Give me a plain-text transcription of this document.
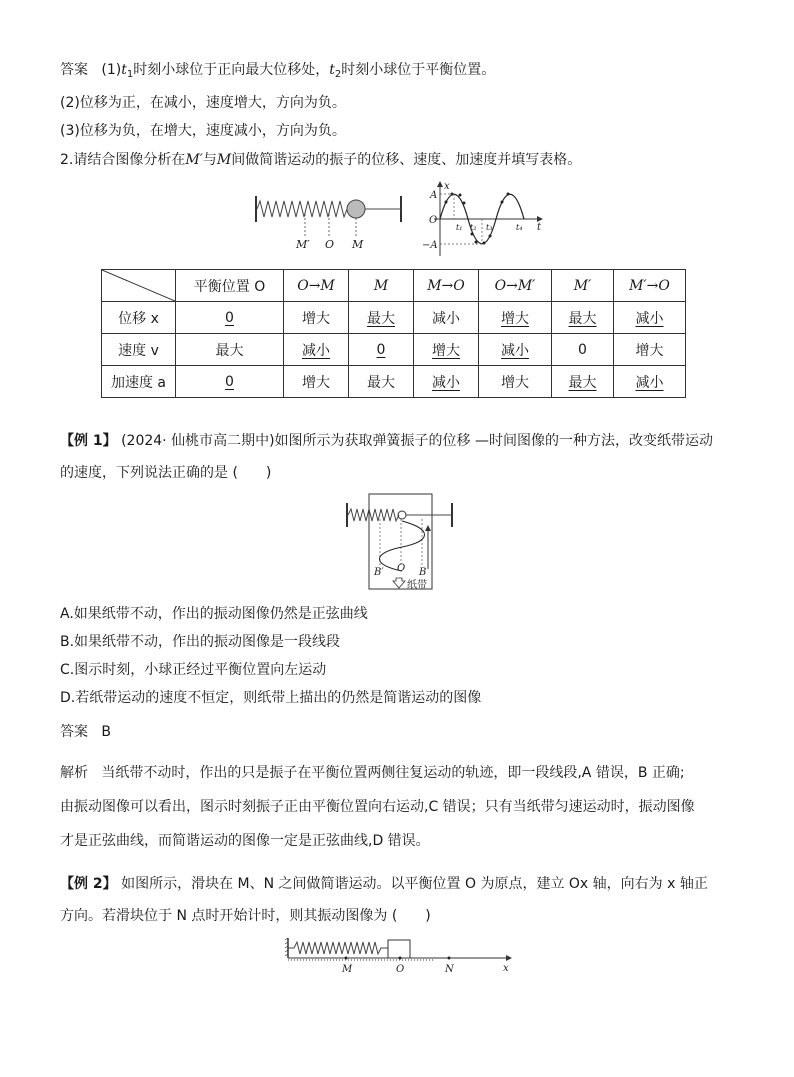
答案 $(1)t_1$时刻小球位于正向最大位移处，$t_2$时刻小球位于平衡位置。
(2)位移为正，在减小，速度增大，方向为负。
(3)位移为负，在增大，速度减小，方向为负。
2.请结合图像分析在M′与M间做简谐运动的振子的位移、速度、加速度并填写表格。
M′ O M
x
t
O
A
−A
t₁ t₂ t₃	t₄
	平衡位置 O	O→M	M	M→O	O→M′	M′	M′→O
位移 x	0	增大	最大	减小	增大	最大	减小
速度 v	最大	减小	0	增大	减小	0	增大
加速度 a	0	增大	最大	减小	增大	最大	减小
【例 1】 (2024· 仙桃市高二期中)如图所示为获取弹簧振子的位移 —时间图像的一种方法，改变纸带运动
的速度，下列说法正确的是 (　　)
B′ O B
纸带
A.如果纸带不动，作出的振动图像仍然是正弦曲线
B.如果纸带不动，作出的振动图像是一段线段
C.图示时刻，小球正经过平衡位置向左运动
D.若纸带运动的速度不恒定，则纸带上描出的仍然是简谐运动的图像
答案 B
解析 当纸带不动时，作出的只是振子在平衡位置两侧往复运动的轨迹，即一段线段,A 错误，B 正确;
由振动图像可以看出，图示时刻振子正由平衡位置向右运动,C 错误；只有当纸带匀速运动时，振动图像
才是正弦曲线，而简谐运动的图像一定是正弦曲线,D 错误。
【例 2】 如图所示，滑块在 M、N 之间做简谐运动。以平衡位置 O 为原点，建立 Ox 轴，向右为 x 轴正
方向。若滑块位于 N 点时开始计时，则其振动图像为 (　　)
M	O	N	x
